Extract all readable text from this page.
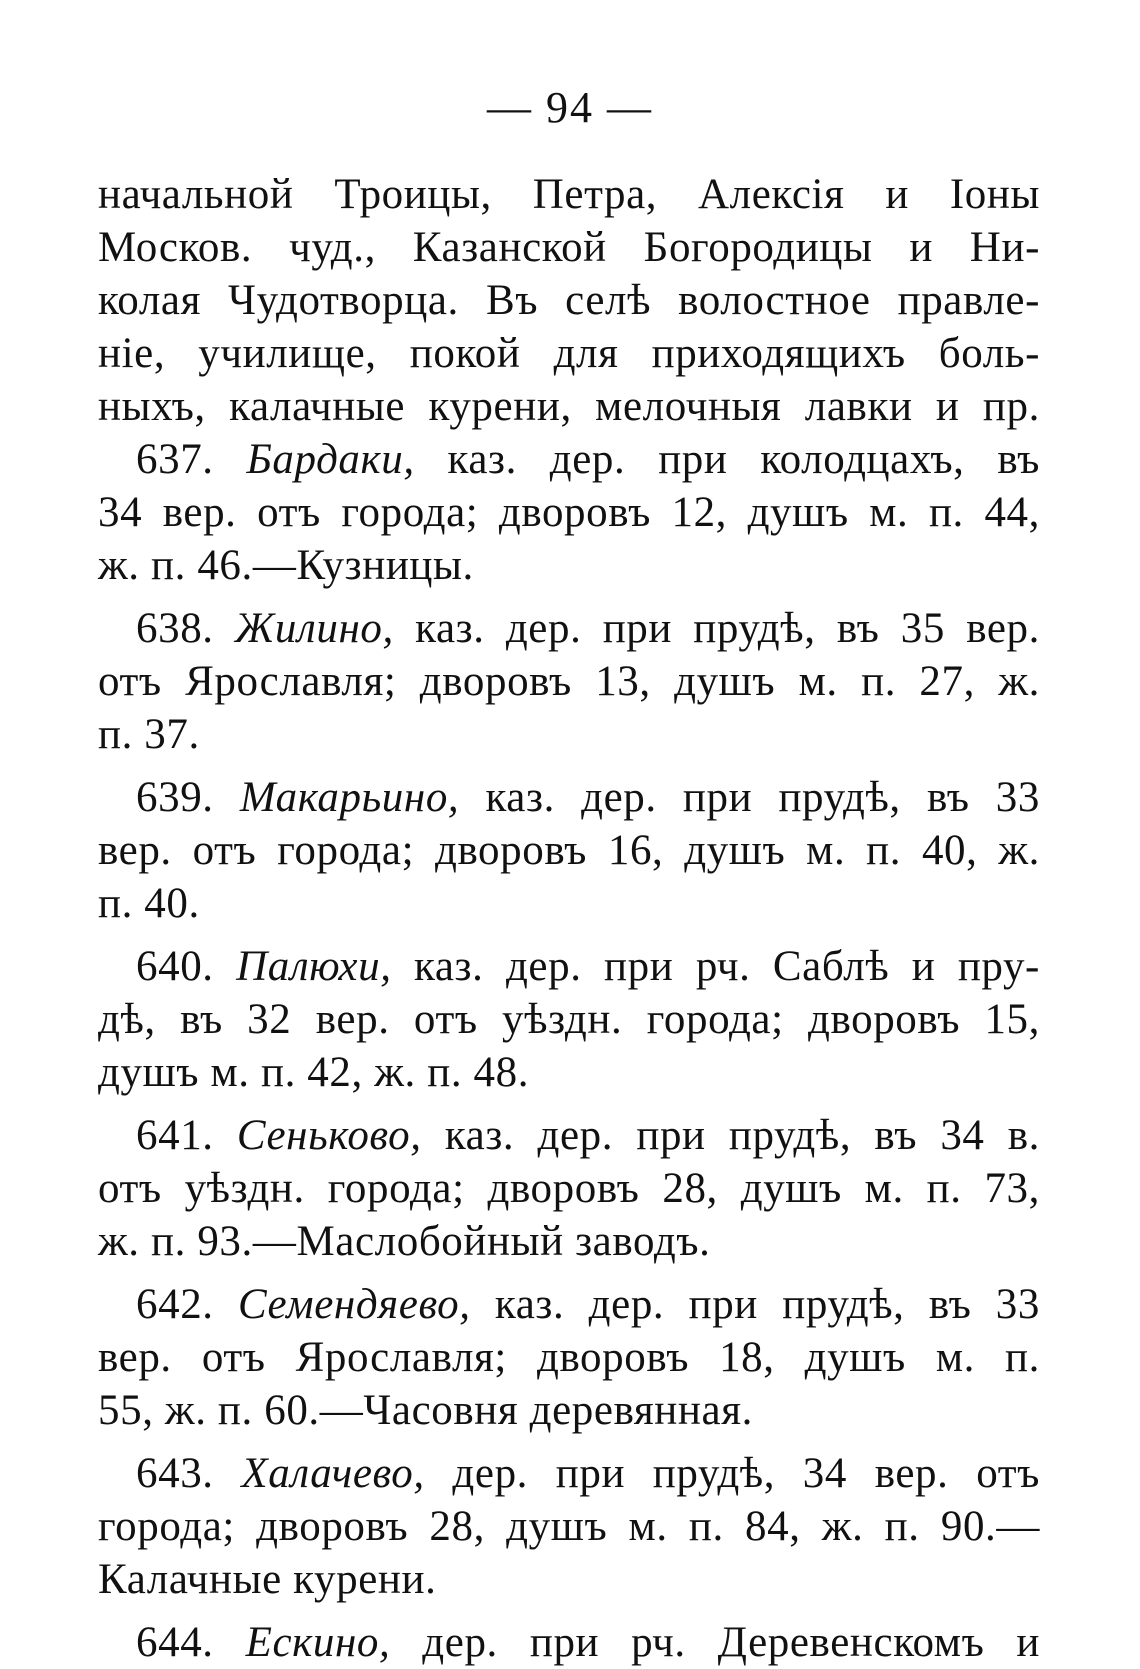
— 94 —
начальной Троицы, Петра, Алексія и Іоны
Москов. чуд., Казанской Богородицы и Ни-
колая Чудотворца. Въ селѣ волостное правле-
ніе, училище, покой для приходящихъ боль-
ныхъ, калачные курени, мелочныя лавки и пр.
637. Бардаки, каз. дер. при колодцахъ, въ
34 вер. отъ города; дворовъ 12, душъ м. п. 44,
ж. п. 46.—Кузницы.
638. Жилино, каз. дер. при прудѣ, въ 35 вер.
отъ Ярославля; дворовъ 13, душъ м. п. 27, ж.
п. 37.
639. Макарьино, каз. дер. при прудѣ, въ 33
вер. отъ города; дворовъ 16, душъ м. п. 40, ж.
п. 40.
640. Палюхи, каз. дер. при рч. Саблѣ и пру-
дѣ, въ 32 вер. отъ уѣздн. города; дворовъ 15,
душъ м. п. 42, ж. п. 48.
641. Сеньково, каз. дер. при прудѣ, въ 34 в.
отъ уѣздн. города; дворовъ 28, душъ м. п. 73,
ж. п. 93.—Маслобойный заводъ.
642. Семендяево, каз. дер. при прудѣ, въ 33
вер. отъ Ярославля; дворовъ 18, душъ м. п.
55, ж. п. 60.—Часовня деревянная.
643. Халачево, дер. при прудѣ, 34 вер. отъ
города; дворовъ 28, душъ м. п. 84, ж. п. 90.—
Калачные курени.
644. Ескино, дер. при рч. Деревенскомъ и
